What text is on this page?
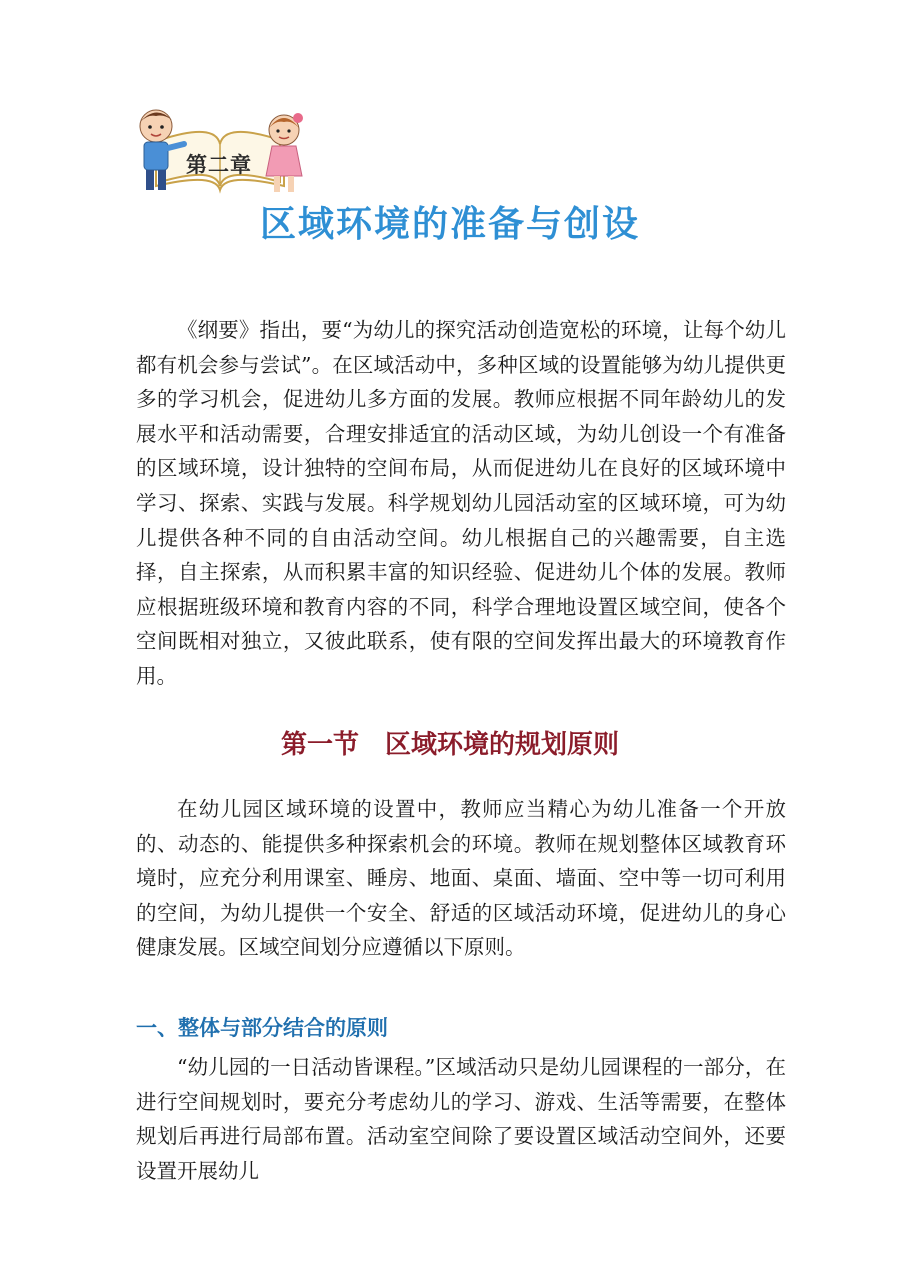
第二章
区域环境的准备与创设

《纲要》指出，要“为幼儿的探究活动创造宽松的环境，让每个幼儿都有机会参与尝试”。在区域活动中，多种区域的设置能够为幼儿提供更多的学习机会，促进幼儿多方面的发展。教师应根据不同年龄幼儿的发展水平和活动需要，合理安排适宜的活动区域，为幼儿创设一个有准备的区域环境，设计独特的空间布局，从而促进幼儿在良好的区域环境中学习、探索、实践与发展。科学规划幼儿园活动室的区域环境，可为幼儿提供各种不同的自由活动空间。幼儿根据自己的兴趣需要，自主选择，自主探索，从而积累丰富的知识经验、促进幼儿个体的发展。教师应根据班级环境和教育内容的不同，科学合理地设置区域空间，使各个空间既相对独立，又彼此联系，使有限的空间发挥出最大的环境教育作用。

第一节　区域环境的规划原则

在幼儿园区域环境的设置中，教师应当精心为幼儿准备一个开放的、动态的、能提供多种探索机会的环境。教师在规划整体区域教育环境时，应充分利用课室、睡房、地面、桌面、墙面、空中等一切可利用的空间，为幼儿提供一个安全、舒适的区域活动环境，促进幼儿的身心健康发展。区域空间划分应遵循以下原则。

一、整体与部分结合的原则

“幼儿园的一日活动皆课程。”区域活动只是幼儿园课程的一部分，在进行空间规划时，要充分考虑幼儿的学习、游戏、生活等需要，在整体规划后再进行局部布置。活动室空间除了要设置区域活动空间外，还要设置开展幼儿
